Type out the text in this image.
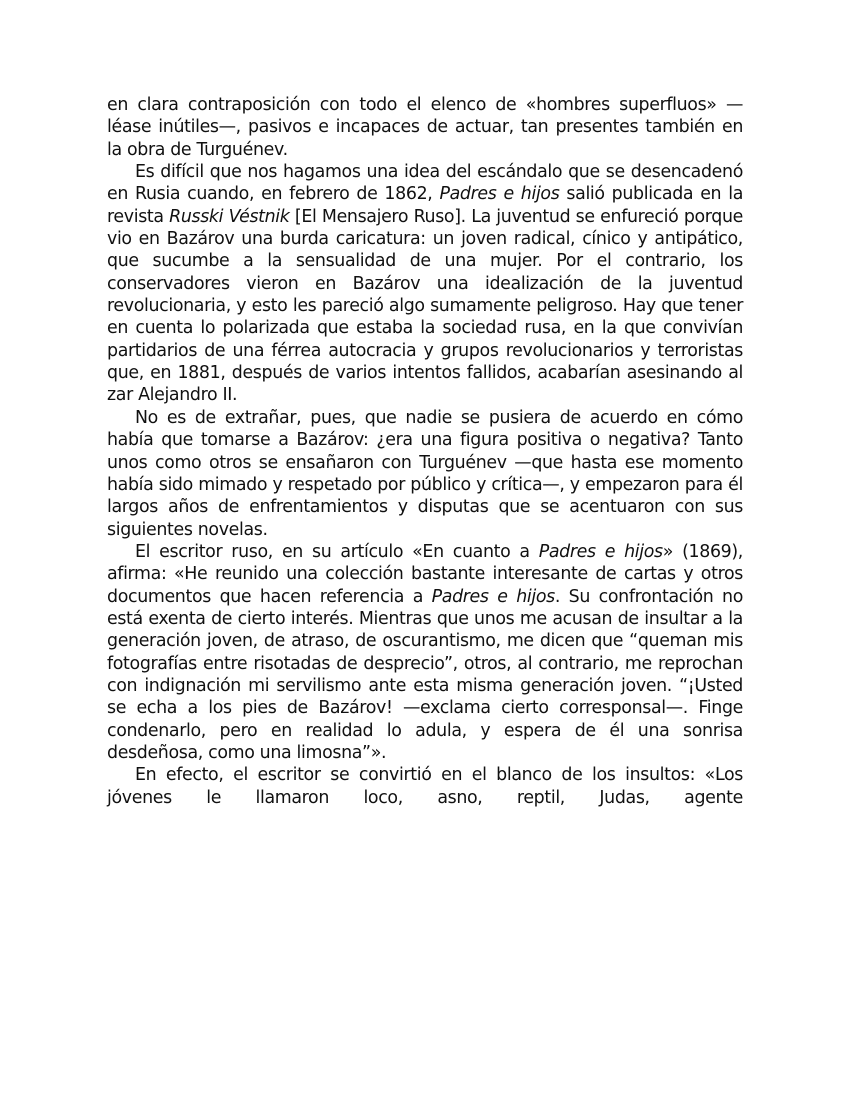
en clara contraposición con todo el elenco de «hombres superfluos» —léase inútiles—, pasivos e incapaces de actuar, tan presentes también en la obra de Turguénev.

Es difícil que nos hagamos una idea del escándalo que se desencadenó en Rusia cuando, en febrero de 1862, Padres e hijos salió publicada en la revista Russki Véstnik [El Mensajero Ruso]. La juventud se enfureció porque vio en Bazárov una burda caricatura: un joven radical, cínico y antipático, que sucumbe a la sensualidad de una mujer. Por el contrario, los conservadores vieron en Bazárov una idealización de la juventud revolucionaria, y esto les pareció algo sumamente peligroso. Hay que tener en cuenta lo polarizada que estaba la sociedad rusa, en la que convivían partidarios de una férrea autocracia y grupos revolucionarios y terroristas que, en 1881, después de varios intentos fallidos, acabarían asesinando al zar Alejandro II.

No es de extrañar, pues, que nadie se pusiera de acuerdo en cómo había que tomarse a Bazárov: ¿era una figura positiva o negativa? Tanto unos como otros se ensañaron con Turguénev —que hasta ese momento había sido mimado y respetado por público y crítica—, y empezaron para él largos años de enfrentamientos y disputas que se acentuaron con sus siguientes novelas.

El escritor ruso, en su artículo «En cuanto a Padres e hijos» (1869), afirma: «He reunido una colección bastante interesante de cartas y otros documentos que hacen referencia a Padres e hijos. Su confrontación no está exenta de cierto interés. Mientras que unos me acusan de insultar a la generación joven, de atraso, de oscurantismo, me dicen que “queman mis fotografías entre risotadas de desprecio”, otros, al contrario, me reprochan con indignación mi servilismo ante esta misma generación joven. “¡Usted se echa a los pies de Bazárov! —exclama cierto corresponsal—. Finge condenarlo, pero en realidad lo adula, y espera de él una sonrisa desdeñosa, como una limosna”».

En efecto, el escritor se convirtió en el blanco de los insultos: «Los jóvenes le llamaron loco, asno, reptil, Judas, agente
